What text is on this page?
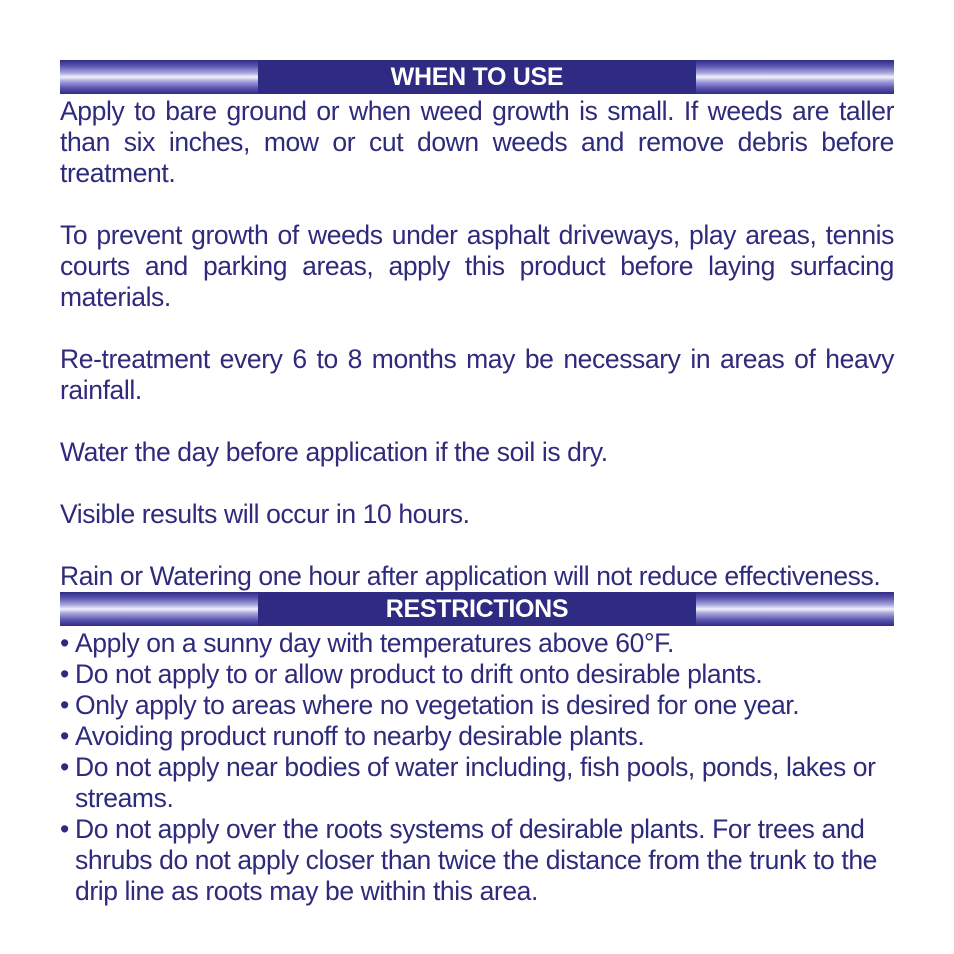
WHEN TO USE

Apply to bare ground or when weed growth is small. If weeds are taller than six inches, mow or cut down weeds and remove debris before treatment.

To prevent growth of weeds under asphalt driveways, play areas, tennis courts and parking areas, apply this product before laying surfacing materials.

Re-treatment every 6 to 8 months may be necessary in areas of heavy rainfall.

Water the day before application if the soil is dry.

Visible results will occur in 10 hours.

Rain or Watering one hour after application will not reduce effectiveness.

RESTRICTIONS
• Apply on a sunny day with temperatures above 60°F.
• Do not apply to or allow product to drift onto desirable plants.
• Only apply to areas where no vegetation is desired for one year.
• Avoiding product runoff to nearby desirable plants.
• Do not apply near bodies of water including, fish pools, ponds, lakes or streams.
• Do not apply over the roots systems of desirable plants. For trees and shrubs do not apply closer than twice the distance from the trunk to the drip line as roots may be within this area.
